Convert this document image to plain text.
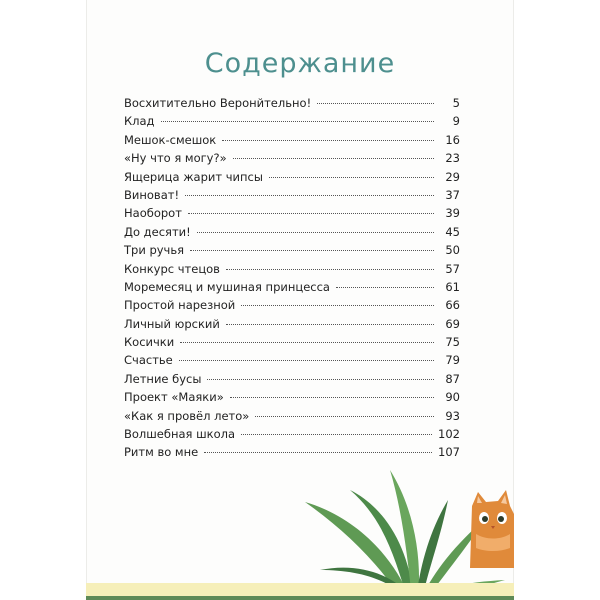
Содержание
Восхитительно Веронйтельно!	5
Клад	9
Мешок-смешок	16
«Ну что я могу?»	23
Ящерица жарит чипсы	29
Виноват!	37
Наоборот	39
До десяти!	45
Три ручья	50
Конкурс чтецов	57
Моремесяц и мушиная принцесса	61
Простой нарезной	66
Личный юрский	69
Косички	75
Счастье	79
Летние бусы	87
Проект «Маяки»	90
«Как я провёл лето»	93
Волшебная школа	102
Ритм во мне	107
